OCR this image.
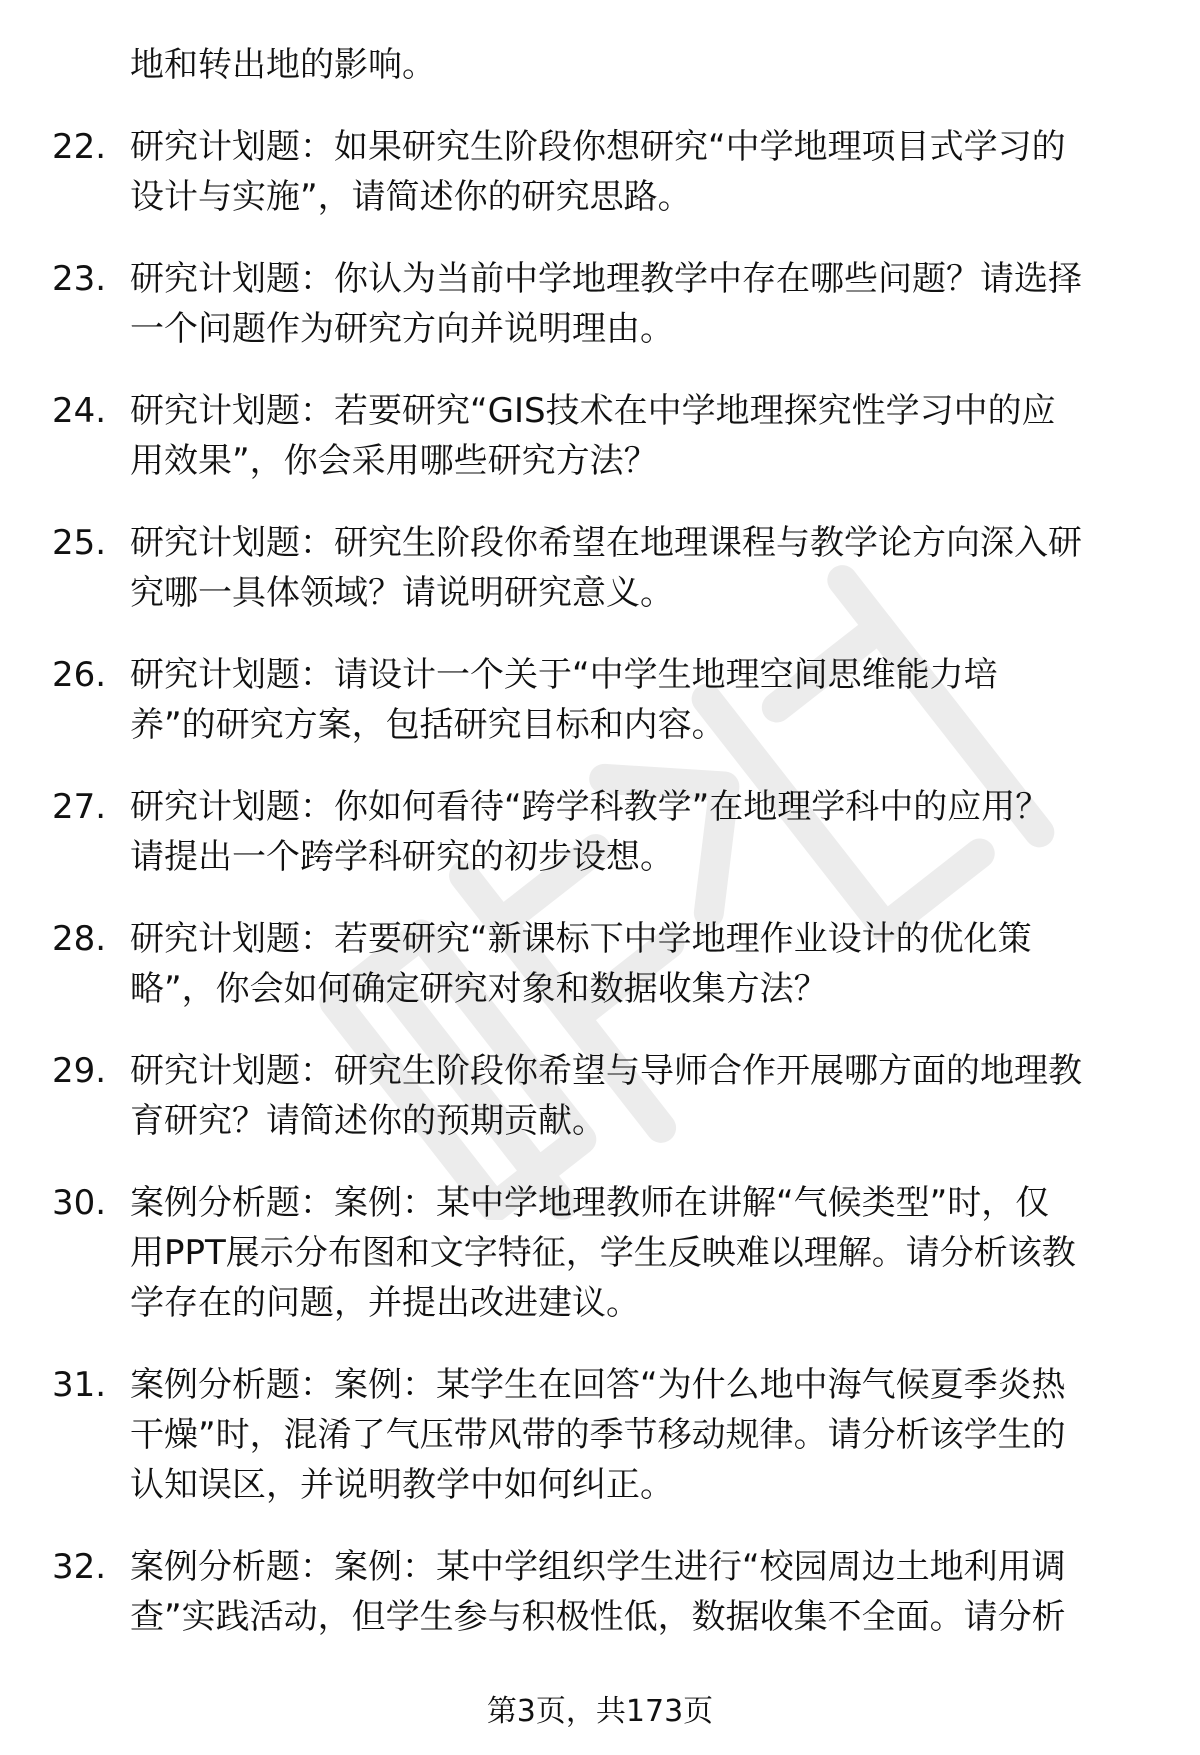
地和转出地的影响。
22. 研究计划题：如果研究生阶段你想研究“中学地理项目式学习的
设计与实施”，请简述你的研究思路。
23. 研究计划题：你认为当前中学地理教学中存在哪些问题？请选择
一个问题作为研究方向并说明理由。
24. 研究计划题：若要研究“GIS技术在中学地理探究性学习中的应
用效果”，你会采用哪些研究方法？
25. 研究计划题：研究生阶段你希望在地理课程与教学论方向深入研
究哪一具体领域？请说明研究意义。
26. 研究计划题：请设计一个关于“中学生地理空间思维能力培
养”的研究方案，包括研究目标和内容。
27. 研究计划题：你如何看待“跨学科教学”在地理学科中的应用？
请提出一个跨学科研究的初步设想。
28. 研究计划题：若要研究“新课标下中学地理作业设计的优化策
略”，你会如何确定研究对象和数据收集方法？
29. 研究计划题：研究生阶段你希望与导师合作开展哪方面的地理教
育研究？请简述你的预期贡献。
30. 案例分析题：案例：某中学地理教师在讲解“气候类型”时，仅
用PPT展示分布图和文字特征，学生反映难以理解。请分析该教
学存在的问题，并提出改进建议。
31. 案例分析题：案例：某学生在回答“为什么地中海气候夏季炎热
干燥”时，混淆了气压带风带的季节移动规律。请分析该学生的
认知误区，并说明教学中如何纠正。
32. 案例分析题：案例：某中学组织学生进行“校园周边土地利用调
查”实践活动，但学生参与积极性低，数据收集不全面。请分析
第3页，共173页
